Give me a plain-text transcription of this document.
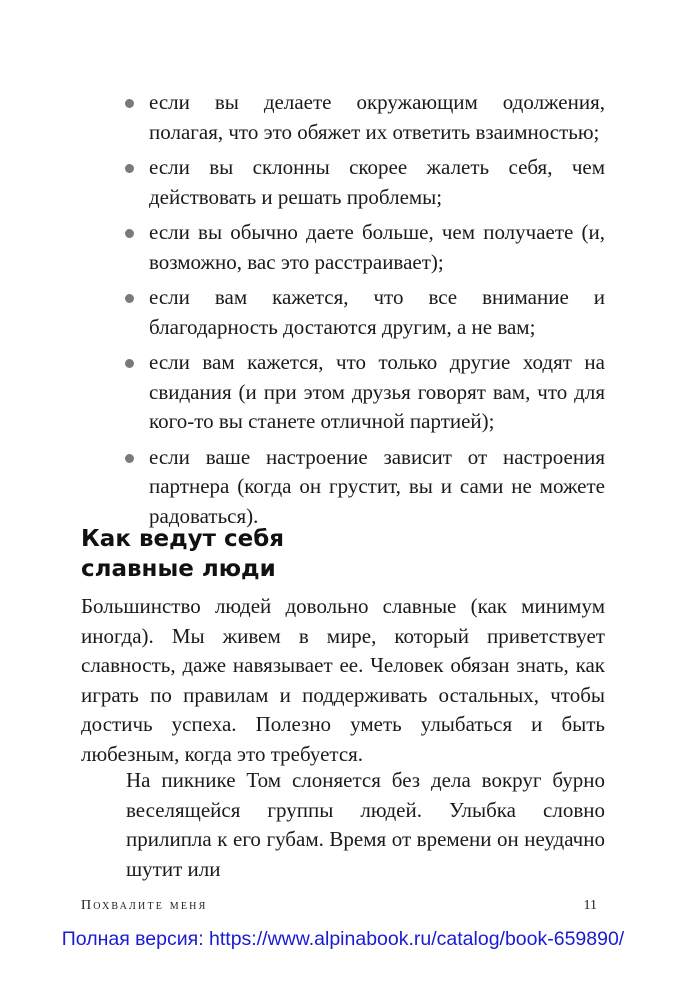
если вы делаете окружающим одолжения, полагая, что это обяжет их ответить взаимностью;
если вы склонны скорее жалеть себя, чем действовать и решать проблемы;
если вы обычно даете больше, чем получаете (и, возможно, вас это расстраивает);
если вам кажется, что все внимание и благодарность достаются другим, а не вам;
если вам кажется, что только другие ходят на свидания (и при этом друзья говорят вам, что для кого-то вы станете отличной партией);
если ваше настроение зависит от настроения партнера (когда он грустит, вы и сами не можете радоваться).
Как ведут себя
славные люди

Большинство людей довольно славные (как минимум иногда). Мы живем в мире, который приветствует славность, даже навязывает ее. Человек обязан знать, как играть по правилам и поддерживать остальных, чтобы достичь успеха. Полезно уметь улыбаться и быть любезным, когда это требуется.

На пикнике Том слоняется без дела вокруг бурно веселящейся группы людей. Улыбка словно прилипла к его губам. Время от времени он неудачно шутит или

Похвалите меня	11

Полная версия: https://www.alpinabook.ru/catalog/book-659890/
